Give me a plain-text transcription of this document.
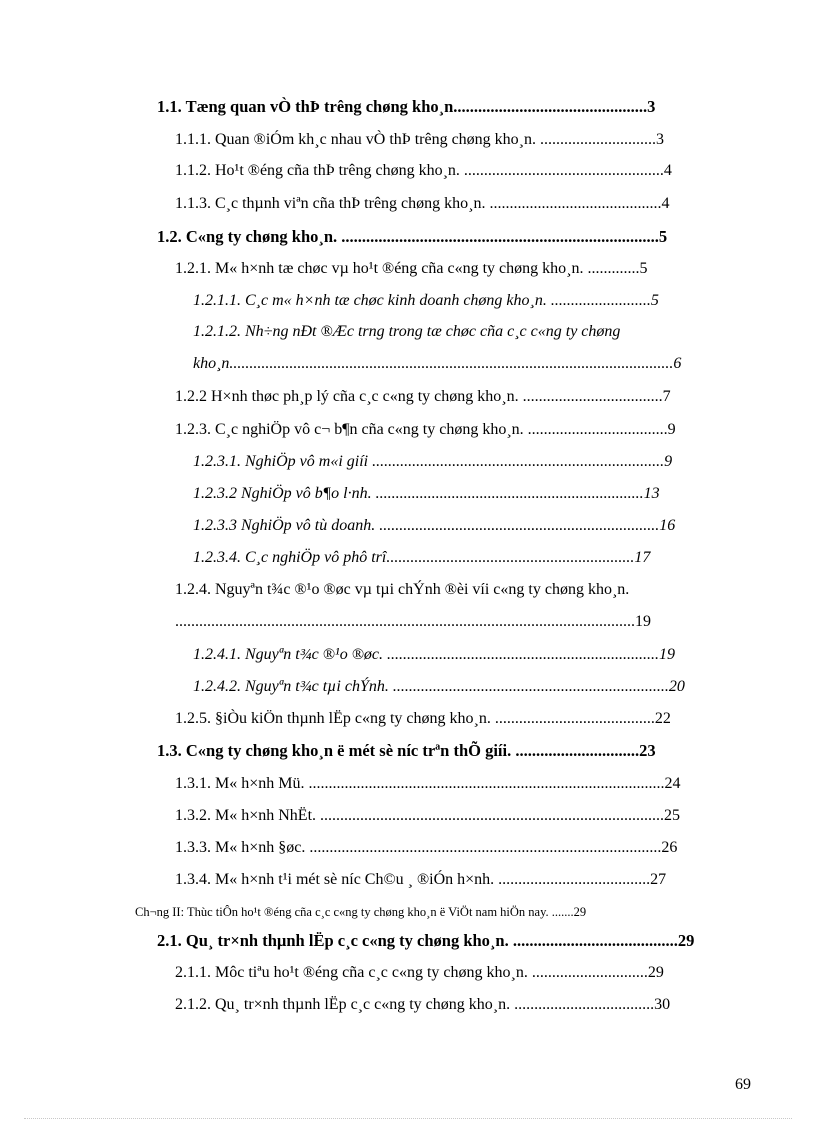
1.1. Tæng quan vÒ thÞ trêng chøng kho¸n...............................................3
1.1.1. Quan ®iÓm kh¸c nhau vÒ thÞ trêng chøng kho¸n. .............................3
1.1.2. Ho¹t ®éng cña thÞ trêng chøng kho¸n. ..................................................4
1.1.3. C¸c thµnh viªn cña thÞ trêng chøng kho¸n. ...........................................4
1.2. C«ng ty chøng kho¸n. .............................................................................5
1.2.1. M« h×nh tæ chøc vµ ho¹t ®éng cña c«ng ty chøng kho¸n. .............5
1.2.1.1. C¸c m« h×nh tæ chøc kinh doanh chøng kho¸n. .........................5
1.2.1.2. Nh÷ng nÐt ®Æc trng trong tæ chøc cña c¸c c«ng ty chøng
kho¸n...............................................................................................................6
1.2.2 H×nh thøc ph¸p lý cña c¸c c«ng ty chøng kho¸n. ...................................7
1.2.3. C¸c nghiÖp vô c¬ b¶n cña c«ng ty chøng kho¸n. ...................................9
1.2.3.1. NghiÖp vô m«i giíi .........................................................................9
1.2.3.2 NghiÖp vô b¶o l·nh. ...................................................................13
1.2.3.3 NghiÖp vô tù doanh. ......................................................................16
1.2.3.4. C¸c nghiÖp vô phô trî..............................................................17
1.2.4. Nguyªn t¾c ®¹o ®øc vµ tµi chÝnh ®èi víi c«ng ty chøng kho¸n.
...................................................................................................................19
1.2.4.1. Nguyªn t¾c ®¹o ®øc. ....................................................................19
1.2.4.2. Nguyªn t¾c tµi chÝnh. .....................................................................20
1.2.5. §iÒu kiÖn thµnh lËp c«ng ty chøng kho¸n. ........................................22
1.3. C«ng ty chøng kho¸n ë mét sè níc trªn thÕ giíi. ..............................23
1.3.1. M« h×nh Mü. .........................................................................................24
1.3.2. M« h×nh NhËt. ......................................................................................25
1.3.3. M« h×nh §øc. ........................................................................................26
1.3.4. M« h×nh t¹i mét sè níc Ch©u ¸ ®iÓn h×nh. ......................................27
Ch¬ng II: Thùc tiÔn ho¹t ®éng cña c¸c c«ng ty chøng kho¸n ë ViÖt nam hiÖn nay. .......29
2.1. Qu¸ tr×nh thµnh lËp c¸c c«ng ty chøng kho¸n. ........................................29
2.1.1. Môc tiªu ho¹t ®éng cña c¸c c«ng ty chøng kho¸n. .............................29
2.1.2. Qu¸ tr×nh thµnh lËp c¸c c«ng ty chøng kho¸n. ...................................30
69
